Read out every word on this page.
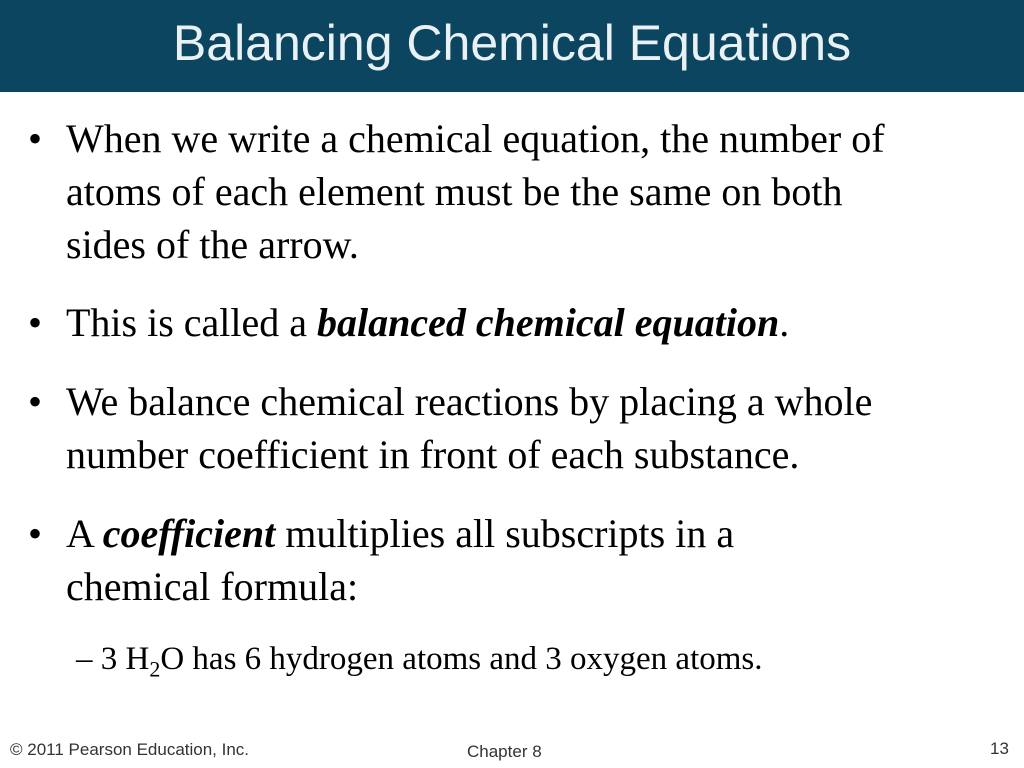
Balancing Chemical Equations
• When we write a chemical equation, the number of
atoms of each element must be the same on both
sides of the arrow.
• This is called a balanced chemical equation.
• We balance chemical reactions by placing a whole
number coefficient in front of each substance.
• A coefficient multiplies all subscripts in a
chemical formula:
– 3 $H_2O$ has 6 hydrogen atoms and 3 oxygen atoms.
© 2011 Pearson Education, Inc.	Chapter 8	13
